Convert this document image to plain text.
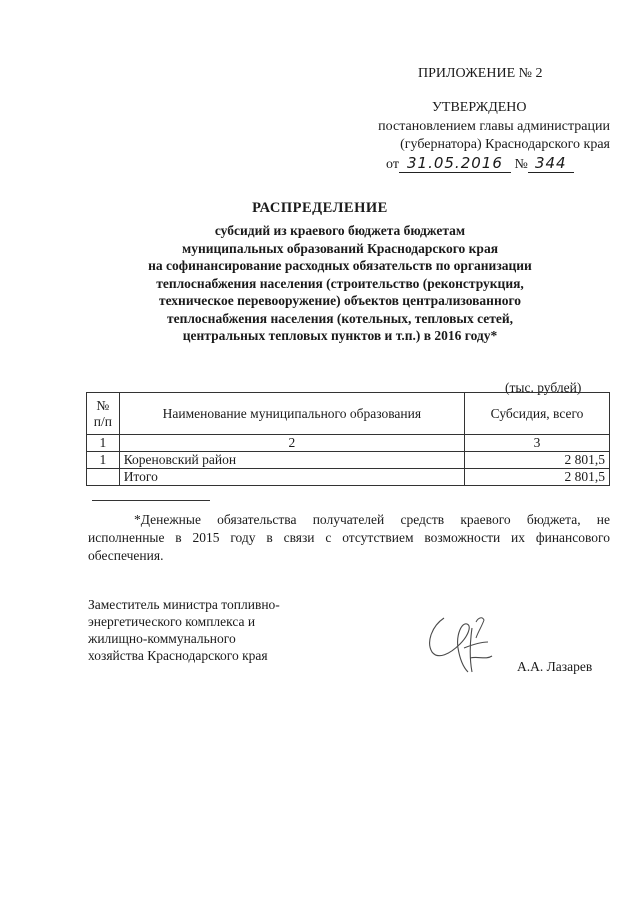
ПРИЛОЖЕНИЕ № 2
УТВЕРЖДЕНО
постановлением главы администрации
(губернатора) Краснодарского края
от 31.05.2016 № 344
РАСПРЕДЕЛЕНИЕ
субсидий из краевого бюджета бюджетам
муниципальных образований Краснодарского края
на софинансирование расходных обязательств по организации
теплоснабжения населения (строительство (реконструкция,
техническое перевооружение) объектов централизованного
теплоснабжения населения (котельных, тепловых сетей,
центральных тепловых пунктов и т.п.) в 2016 году*
(тыс. рублей)
№ п/п	Наименование муниципального образования	Субсидия, всего
1	2	3
1	Кореновский район	2 801,5
	Итого	2 801,5
*Денежные обязательства получателей средств краевого бюджета, не исполненные в 2015 году в связи с отсутствием возможности их финансового обеспечения.
Заместитель министра топливно-
энергетического комплекса и
жилищно-коммунального
хозяйства Краснодарского края
А.А. Лазарев
